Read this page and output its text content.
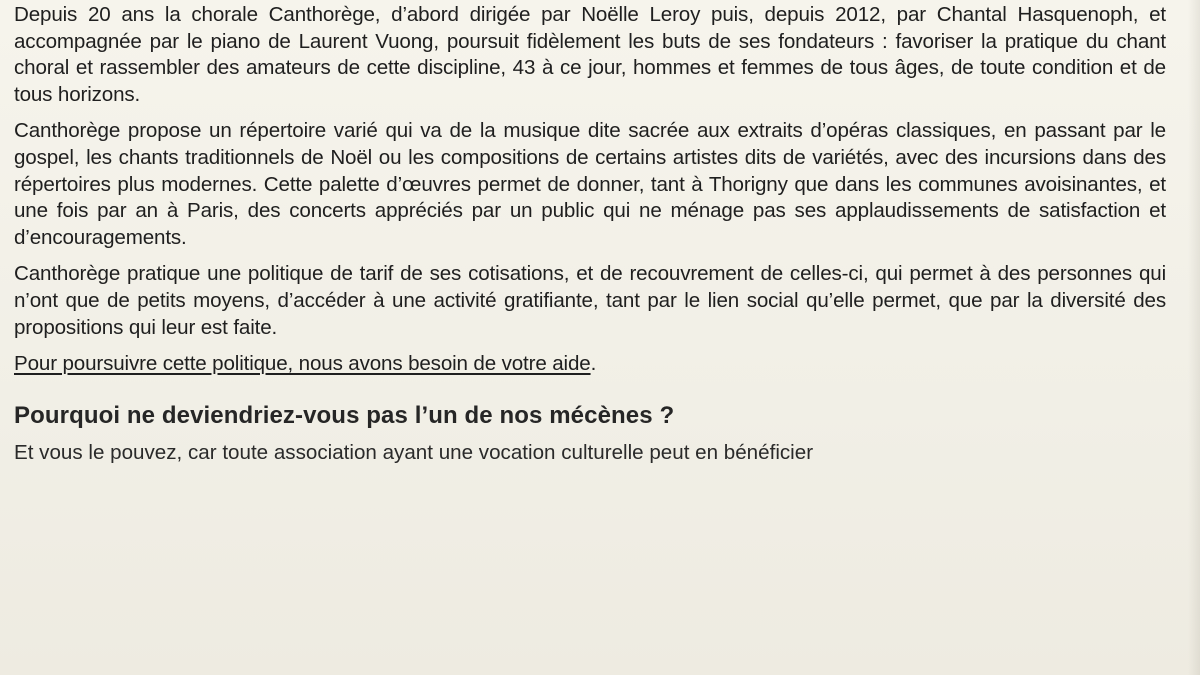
Depuis 20 ans la chorale Canthorège, d’abord dirigée par Noëlle Leroy puis, depuis 2012, par Chantal Hasquenoph, et accompagnée par le piano de Laurent Vuong, poursuit fidèlement les buts de ses fondateurs : favoriser la pratique du chant choral et rassembler des amateurs de cette discipline, 43 à ce jour, hommes et femmes de tous âges, de toute condition et de tous horizons.

Canthorège propose un répertoire varié qui va de la musique dite sacrée aux extraits d’opéras classiques, en passant par le gospel, les chants traditionnels de Noël ou les compositions de certains artistes dits de variétés, avec des incursions dans des répertoires plus modernes. Cette palette d’œuvres permet de donner, tant à Thorigny que dans les communes avoisinantes, et une fois par an à Paris, des concerts appréciés par un public qui ne ménage pas ses applaudissements de satisfaction et d’encouragements.

Canthorège pratique une politique de tarif de ses cotisations, et de recouvrement de celles-ci, qui permet à des personnes qui n’ont que de petits moyens, d’accéder à une activité gratifiante, tant par le lien social qu’elle permet, que par la diversité des propositions qui leur est faite.

Pour poursuivre cette politique, nous avons besoin de votre aide.

Pourquoi ne deviendriez-vous pas l’un de nos mécènes ?

Et vous le pouvez, car toute association ayant une vocation culturelle peut en bénéficier
